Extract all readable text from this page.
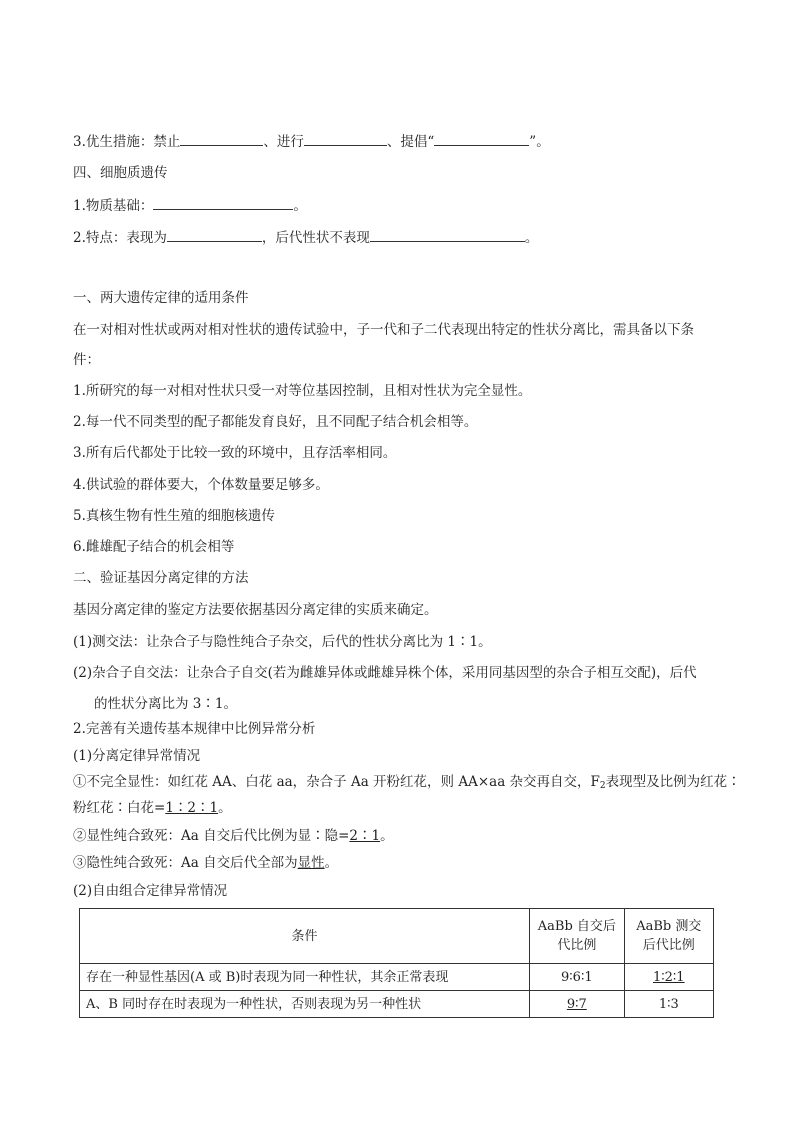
3.优生措施：禁止	、进行	、提倡“	”。
四、细胞质遗传
1.物质基础：	。
2.特点：表现为	，后代性状不表现	。
一、两大遗传定律的适用条件
在一对相对性状或两对相对性状的遗传试验中，子一代和子二代表现出特定的性状分离比，需具备以下条
件：
1.所研究的每一对相对性状只受一对等位基因控制，且相对性状为完全显性。
2.每一代不同类型的配子都能发育良好，且不同配子结合机会相等。
3.所有后代都处于比较一致的环境中，且存活率相同。
4.供试验的群体要大，个体数量要足够多。
5.真核生物有性生殖的细胞核遗传
6.雌雄配子结合的机会相等
二、验证基因分离定律的方法
基因分离定律的鉴定方法要依据基因分离定律的实质来确定。
(1)测交法：让杂合子与隐性纯合子杂交，后代的性状分离比为 1∶1。
(2)杂合子自交法：让杂合子自交(若为雌雄异体或雌雄异株个体，采用同基因型的杂合子相互交配)，后代
的性状分离比为 3∶1。
2.完善有关遗传基本规律中比例异常分析
(1)分离定律异常情况
①不完全显性：如红花 AA、白花 aa，杂合子 Aa 开粉红花，则 AA×aa 杂交再自交，$F_2$表现型及比例为红花∶
粉红花∶白花=1∶2∶1。
②显性纯合致死：Aa 自交后代比例为显∶隐=2∶1。
③隐性纯合致死：Aa 自交后代全部为显性。
(2)自由组合定律异常情况
条件	AaBb 自交后代比例	AaBb 测交后代比例
存在一种显性基因(A 或 B)时表现为同一种性状，其余正常表现	9∶6∶1	1∶2∶1
A、B 同时存在时表现为一种性状，否则表现为另一种性状	9∶7	1∶3
